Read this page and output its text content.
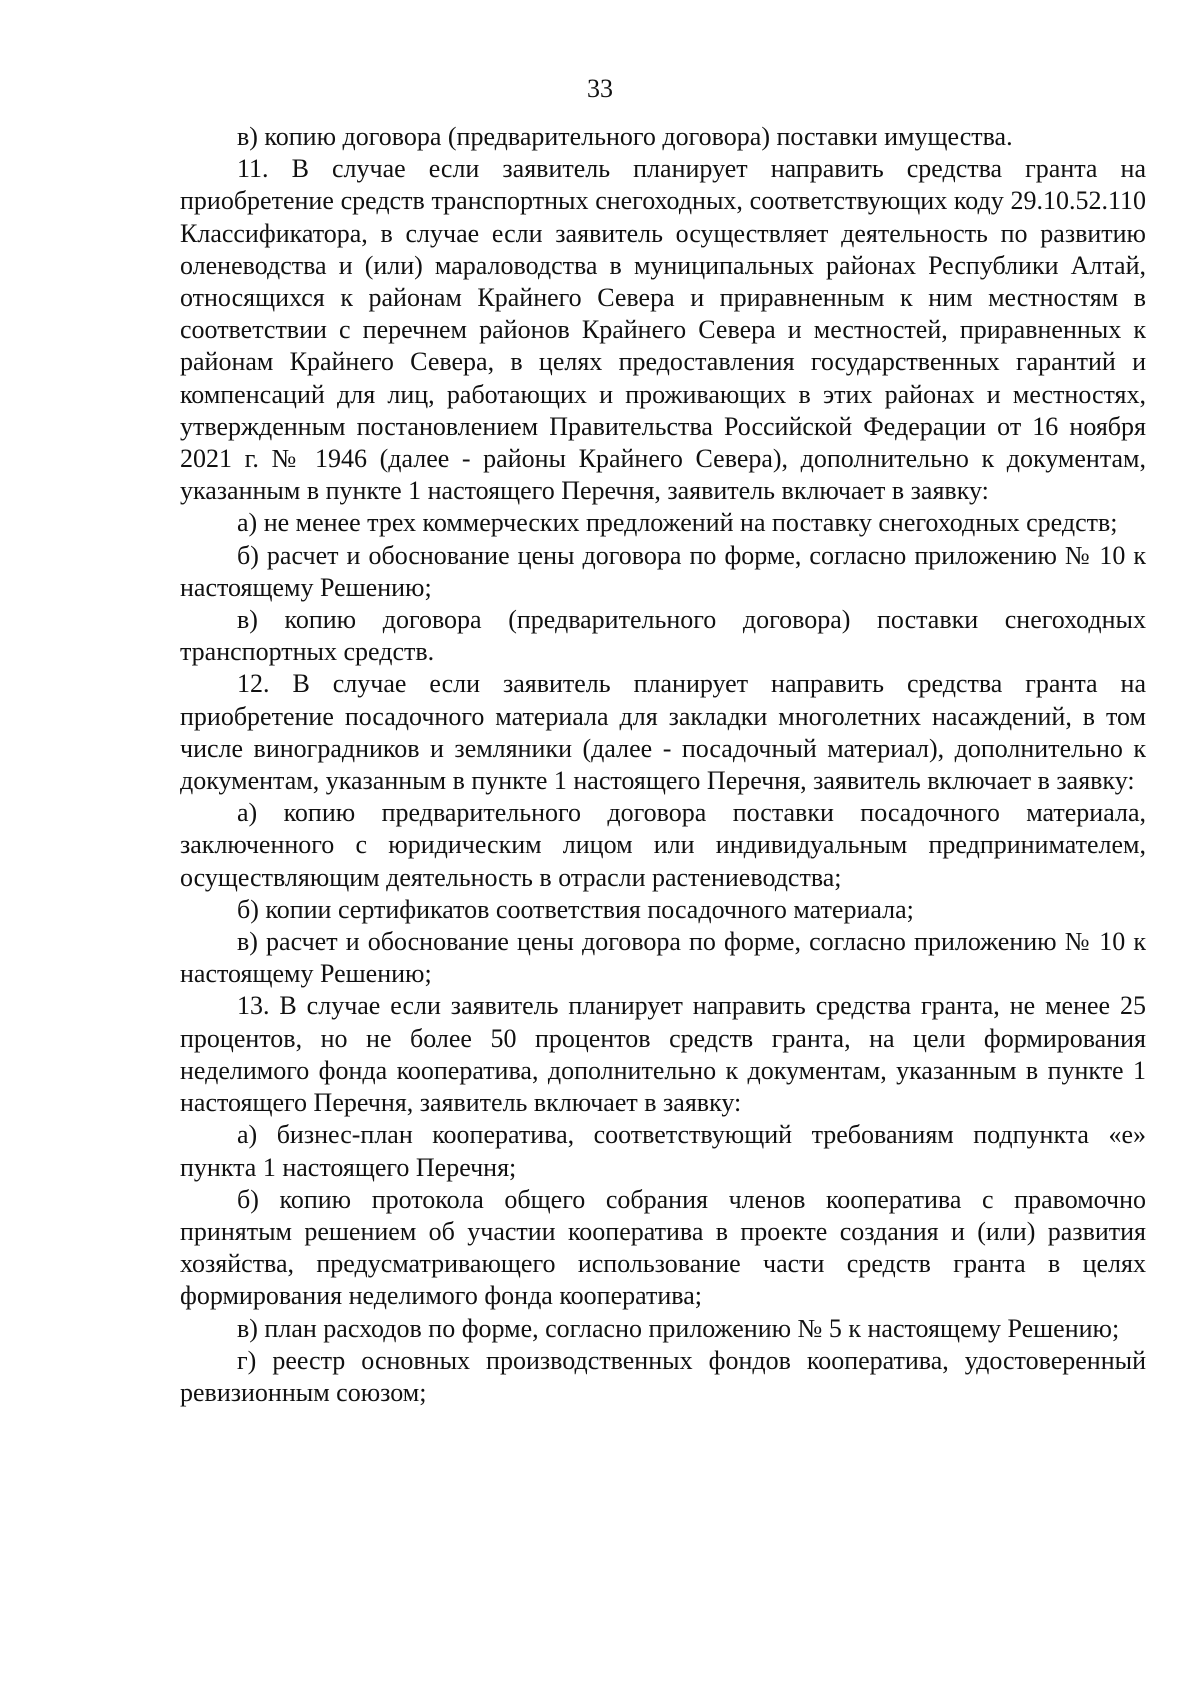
33

в) копию договора (предварительного договора) поставки имущества.

11. В случае если заявитель планирует направить средства гранта на приобретение средств транспортных снегоходных, соответствующих коду 29.10.52.110 Классификатора, в случае если заявитель осуществляет деятельность по развитию оленеводства и (или) мараловодства в муниципальных районах Республики Алтай, относящихся к районам Крайнего Севера и приравненным к ним местностям в соответствии с перечнем районов Крайнего Севера и местностей, приравненных к районам Крайнего Севера, в целях предоставления государственных гарантий и компенсаций для лиц, работающих и проживающих в этих районах и местностях, утвержденным постановлением Правительства Российской Федерации от 16 ноября 2021 г. № 1946 (далее - районы Крайнего Севера), дополнительно к документам, указанным в пункте 1 настоящего Перечня, заявитель включает в заявку:

а) не менее трех коммерческих предложений на поставку снегоходных средств;

б) расчет и обоснование цены договора по форме, согласно приложению № 10 к настоящему Решению;

в) копию договора (предварительного договора) поставки снегоходных транспортных средств.

12. В случае если заявитель планирует направить средства гранта на приобретение посадочного материала для закладки многолетних насаждений, в том числе виноградников и земляники (далее - посадочный материал), дополнительно к документам, указанным в пункте 1 настоящего Перечня, заявитель включает в заявку:

а) копию предварительного договора поставки посадочного материала, заключенного с юридическим лицом или индивидуальным предпринимателем, осуществляющим деятельность в отрасли растениеводства;

б) копии сертификатов соответствия посадочного материала;

в) расчет и обоснование цены договора по форме, согласно приложению № 10 к настоящему Решению;

13. В случае если заявитель планирует направить средства гранта, не менее 25 процентов, но не более 50 процентов средств гранта, на цели формирования неделимого фонда кооператива, дополнительно к документам, указанным в пункте 1 настоящего Перечня, заявитель включает в заявку:

а) бизнес-план кооператива, соответствующий требованиям подпункта «е» пункта 1 настоящего Перечня;

б) копию протокола общего собрания членов кооператива с правомочно принятым решением об участии кооператива в проекте создания и (или) развития хозяйства, предусматривающего использование части средств гранта в целях формирования неделимого фонда кооператива;

в) план расходов по форме, согласно приложению № 5 к настоящему Решению;

г) реестр основных производственных фондов кооператива, удостоверенный ревизионным союзом;
